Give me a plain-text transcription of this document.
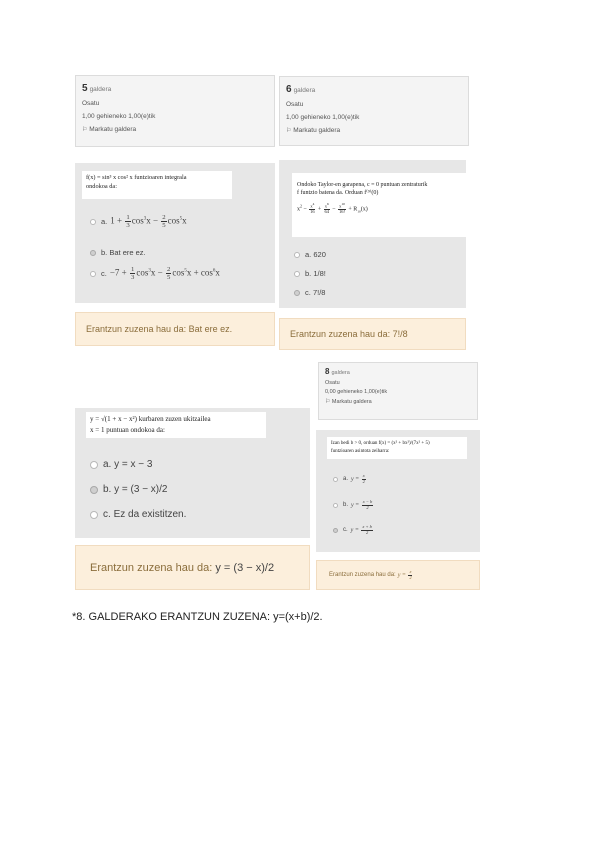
5 galdera
Osatu
1,00 gehieneko 1,00(e)tik
⚐ Markatu galdera
6 galdera
Osatu
1,00 gehieneko 1,00(e)tik
⚐ Markatu galdera
f(x) = sin³ x cos² x funtzioaren integrala
ondokoa da:
a. $1 + \frac{1}{3} \cos^3x - \frac{2}{5} \cos^5x$
b.
Bat ere ez.
c. $-7 + \frac{1}{3} \cos^3x - \frac{2}{5} \cos^5x + \cos^6x$
Ondoko Taylor-en garapena, c = 0 puntuan zentraturik
f funtzio batena da. Orduan f⁽⁹⁾(0)
$x^2 - \frac{x^4}{16} + \frac{x^6}{64} - \frac{x^{10}}{16!} + R_{10}(x)$
a.
620
b.
1/8!
c.
7!/8
Erantzun zuzena hau da: Bat ere ez.	Erantzun zuzena hau da: 7!/8
8 galdera
Osatu
0,00 gehieneko 1,00(e)tik
⚐ Markatu galdera
y = √(1 + x − x²) kurbaren zuzen ukitzailea
x = 1 puntuan ondokoa da:
a.
y = x − 3
b.
y = (3 − x)/2
c.
Ez da existitzen.
Erantzun zuzena hau da:
y = (3 − x)/2
Izan bedi b > 0, orduan f(x) = (x² + bx²)/(7x² + 5)
funtzioaren asintota zeiharra:
a. $y = \frac{x}{2}$
b. $y = \frac{x - b}{2}$
c. $y = \frac{x + b}{2}$
Erantzun zuzena hau da: $y = \frac{x}{2}$
*8. GALDERAKO ERANTZUN ZUZENA: y=(x+b)/2.
